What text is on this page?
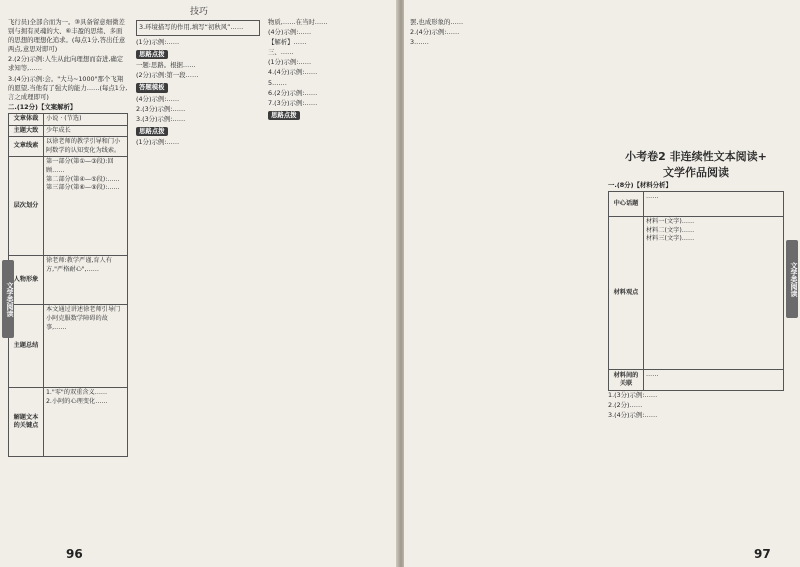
技巧

飞行员)全部合而为一。③具备留意细微差别与拥有灵魂的大、⑥丰盈的思绪、多面的思想的理想化追求。(每点1分,答出任意两点,意思对即可)

2.(2分)示例:人生从此向理想而奋进,确定求知等,……

3.(4分)示例:会。"大马~1000"那个飞翔的愿望,当他有了强大的能力……(每点1分,言之成理即可)

二.(12分)【文案解析】

文章体裁	小说 · (节选)
主题大致	少年成长
文章线索	以徐老师的教学引导和门小阿数学的认知变化为线索。
层次划分	第一部分(第①—③段):回顾……
第二部分(第④—⑤段):……
第三部分(第⑥—⑨段):……
人物形象	徐老师:教学严谨,育人有方,"严格耐心",……
主题总结	本文通过讲述徐老师引导门小阿克服数学障碍的故事,……
解题文本的关键点	1."零"的双重含义……
2.小阿的心理变化……
文学类阅读

3.环境描写的作用,填写“初秋风”……

(1分)示例:……

思路点拨

一题:思路。根据……

(2分)示例:第一段……

答题模板

(4分)示例:……

2.(3分)示例:……

3.(3分)示例:……

思路点拨

(1分)示例:……

物质,……在当时……

(4分)示例:……

【解析】……

三、……

(1分)示例:……

4.(4分)示例:……

5.……

6.(2分)示例:……

7.(3分)示例:……

思路点拨
96

罢,也成形象的……

2.(4分)示例:……

3.……

小考卷2 非连续性文本阅读+
文学作品阅读

一.(8分)【材料分析】

中心话题	……
材料观点	材料一(文字)……
材料二(文字)……
材料三(文字)……
材料间的关联	……

1.(3分)示例:……

2.(2分)……

3.(4分)示例:……

文学类阅读
97
